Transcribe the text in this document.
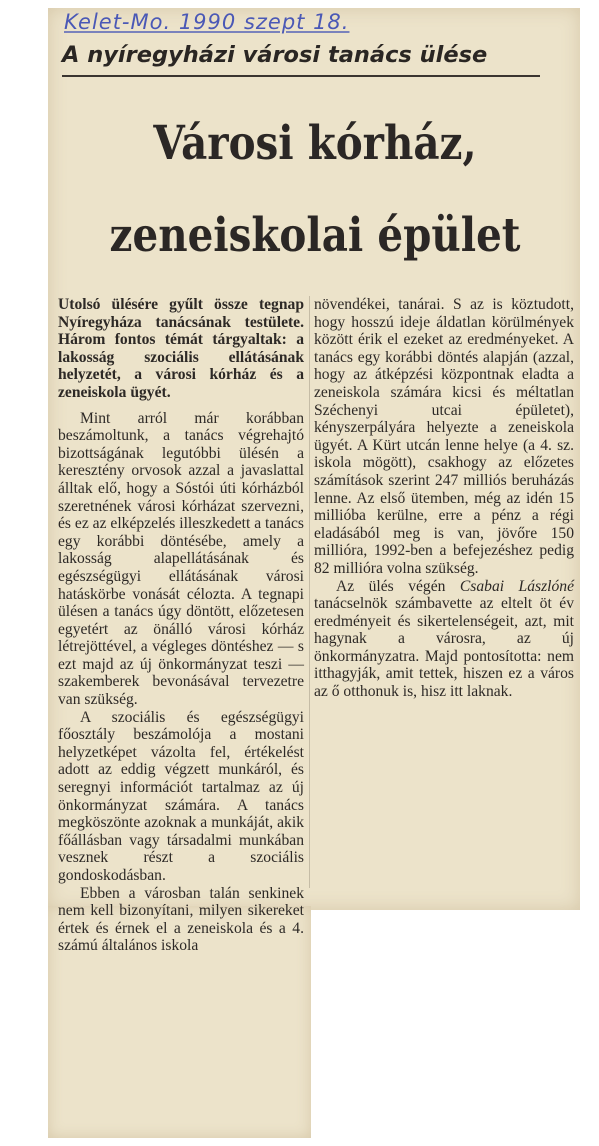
Kelet-Mo. 1990 szept 18.
A nyíregyházi városi tanács ülése
Városi kórház,
zeneiskolai épület

Utolsó ülésére gyűlt össze tegnap Nyíregyháza tanácsának testülete. Három fontos témát tárgyaltak: a lakosság szociális ellátásának helyzetét, a városi kórház és a zeneiskola ügyét.

Mint arról már korábban beszámoltunk, a tanács végrehajtó bizottságának legutóbbi ülésén a keresztény orvosok azzal a javaslattal álltak elő, hogy a Sóstói úti kórházból szeretnének városi kórházat szervezni, és ez az elképzelés illeszkedett a tanács egy korábbi döntésébe, amely a lakosság alapellátásának és egészségügyi ellátásának városi hatáskörbe vonását célozta. A tegnapi ülésen a tanács úgy döntött, előzetesen egyetért az önálló városi kórház létrejöttével, a végleges döntéshez — s ezt majd az új önkormányzat teszi — szakemberek bevonásával tervezetre van szükség.

A szociális és egészségügyi főosztály beszámolója a mostani helyzetképet vázolta fel, értékelést adott az eddig végzett munkáról, és seregnyi információt tartalmaz az új önkormányzat számára. A tanács megköszönte azoknak a munkáját, akik főállásban vagy társadalmi munkában vesznek részt a szociális gondoskodásban.

Ebben a városban talán senkinek nem kell bizonyítani, milyen sikereket értek és érnek el a zeneiskola és a 4. számú általános iskola

növendékei, tanárai. S az is köztudott, hogy hosszú ideje áldatlan körülmények között érik el ezeket az eredményeket. A tanács egy korábbi döntés alapján (azzal, hogy az átképzési központnak eladta a zeneiskola számára kicsi és méltatlan Széchenyi utcai épületet), kényszerpályára helyezte a zeneiskola ügyét. A Kürt utcán lenne helye (a 4. sz. iskola mögött), csakhogy az előzetes számítások szerint 247 milliós beruházás lenne. Az első ütemben, még az idén 15 millióba kerülne, erre a pénz a régi eladásából meg is van, jövőre 150 millióra, 1992-ben a befejezéshez pedig 82 millióra volna szükség.

Az ülés végén Csabai Lászlóné tanácselnök számbavette az eltelt öt év eredményeit és sikertelenségeit, azt, mit hagynak a városra, az új önkormányzatra. Majd pontosította: nem itthagyják, amit tettek, hiszen ez a város az ő otthonuk is, hisz itt laknak.
